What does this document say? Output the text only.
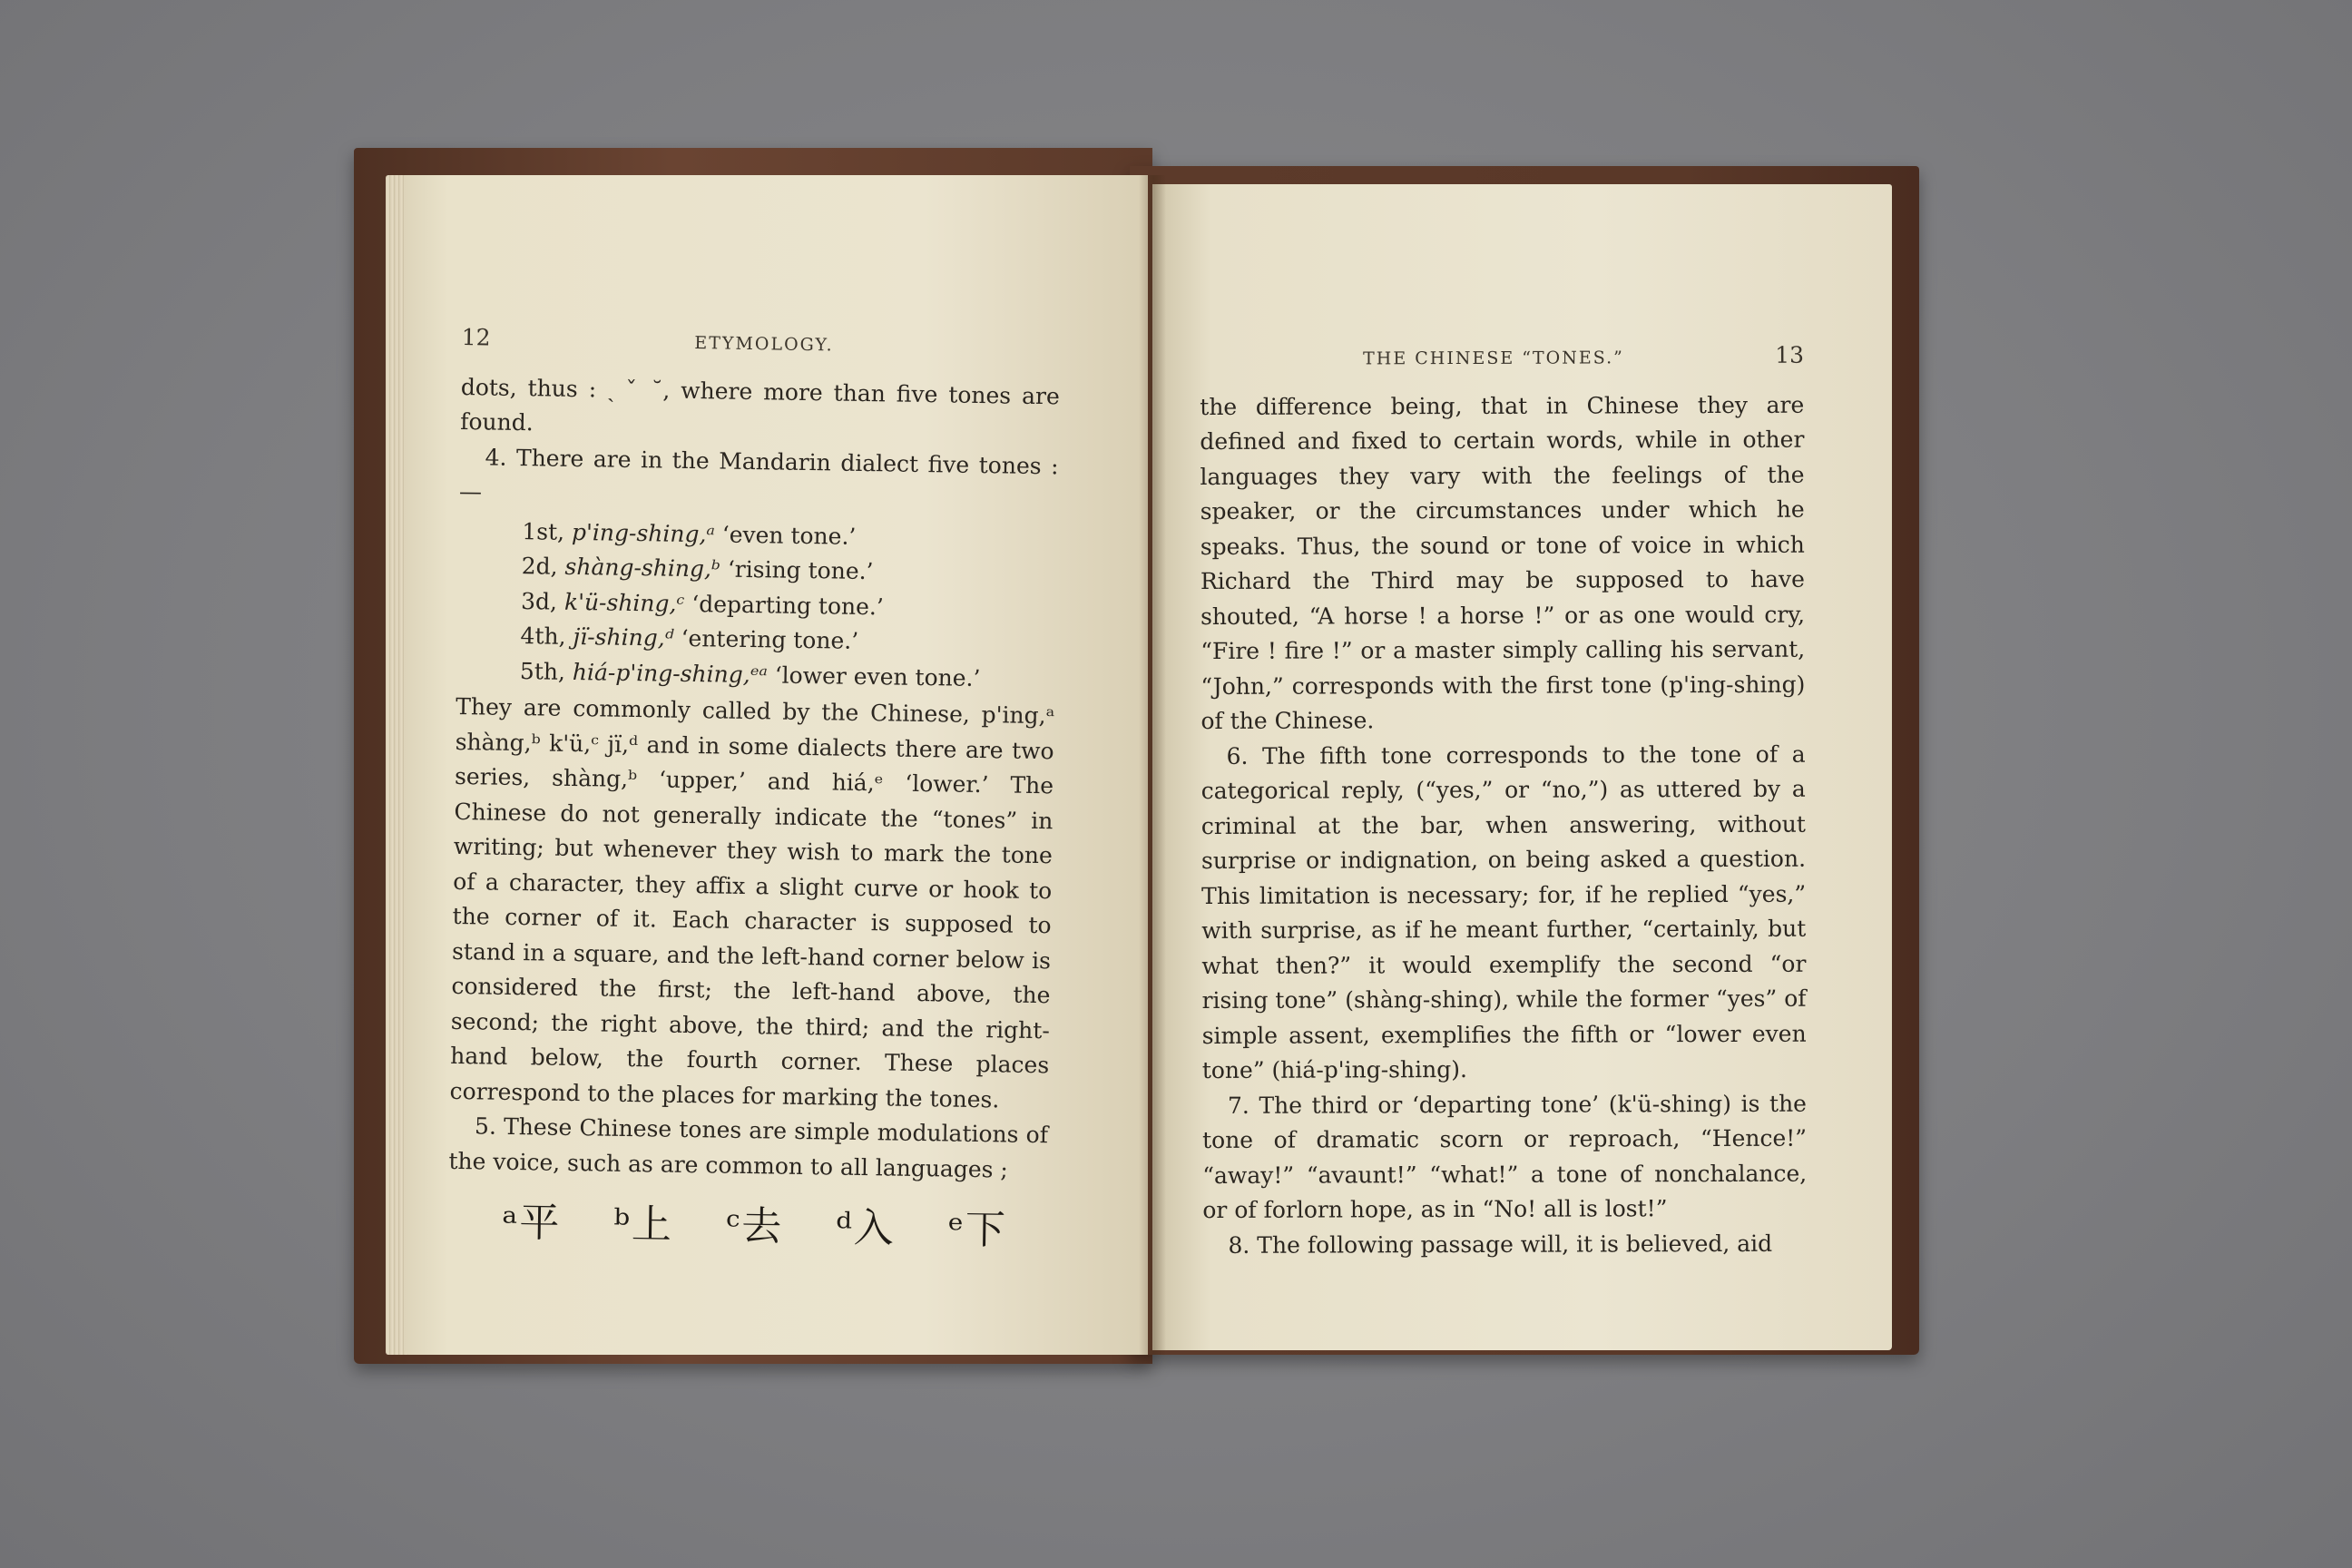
12	ETYMOLOGY.

dots, thus : ˎ ˇ ˘, where more than five tones are found.

4. There are in the Mandarin dialect five tones :—

1st, p'ing-shing,ᵃ ‘even tone.’
2d, shàng-shing,ᵇ ‘rising tone.’
3d, k'ü-shing,ᶜ ‘departing tone.’
4th, jï-shing,ᵈ ‘entering tone.’
5th, hiá-p'ing-shing,ᵉᵃ ‘lower even tone.’

They are commonly called by the Chinese, p'ing,ᵃ shàng,ᵇ k'ü,ᶜ jï,ᵈ and in some dialects there are two series, shàng,ᵇ ‘upper,’ and hiá,ᵉ ‘lower.’ The Chinese do not generally indicate the “tones” in writing; but whenever they wish to mark the tone of a character, they affix a slight curve or hook to the corner of it. Each character is supposed to stand in a square, and the left-hand corner below is considered the first; the left-hand above, the second; the right above, the third; and the right-hand below, the fourth corner. These places correspond to the places for marking the tones.

5. These Chinese tones are simple modulations of the voice, such as are common to all languages ;

ᵃ平 ᵇ上 ᶜ去 ᵈ入 ᵉ下
THE CHINESE “TONES.”	13

the difference being, that in Chinese they are defined and fixed to certain words, while in other languages they vary with the feelings of the speaker, or the circumstances under which he speaks. Thus, the sound or tone of voice in which Richard the Third may be supposed to have shouted, “A horse ! a horse !” or as one would cry, “Fire ! fire !” or a master simply calling his servant, “John,” corresponds with the first tone (p'ing-shing) of the Chinese.

6. The fifth tone corresponds to the tone of a categorical reply, (“yes,” or “no,”) as uttered by a criminal at the bar, when answering, without surprise or indignation, on being asked a question. This limitation is necessary; for, if he replied “yes,” with surprise, as if he meant further, “certainly, but what then?” it would exemplify the second “or rising tone” (shàng-shing), while the former “yes” of simple assent, exemplifies the fifth or “lower even tone” (hiá-p'ing-shing).

7. The third or ‘departing tone’ (k'ü-shing) is the tone of dramatic scorn or reproach, “Hence!” “away!” “avaunt!” “what!” a tone of nonchalance, or of forlorn hope, as in “No! all is lost!”

8. The following passage will, it is believed, aid
